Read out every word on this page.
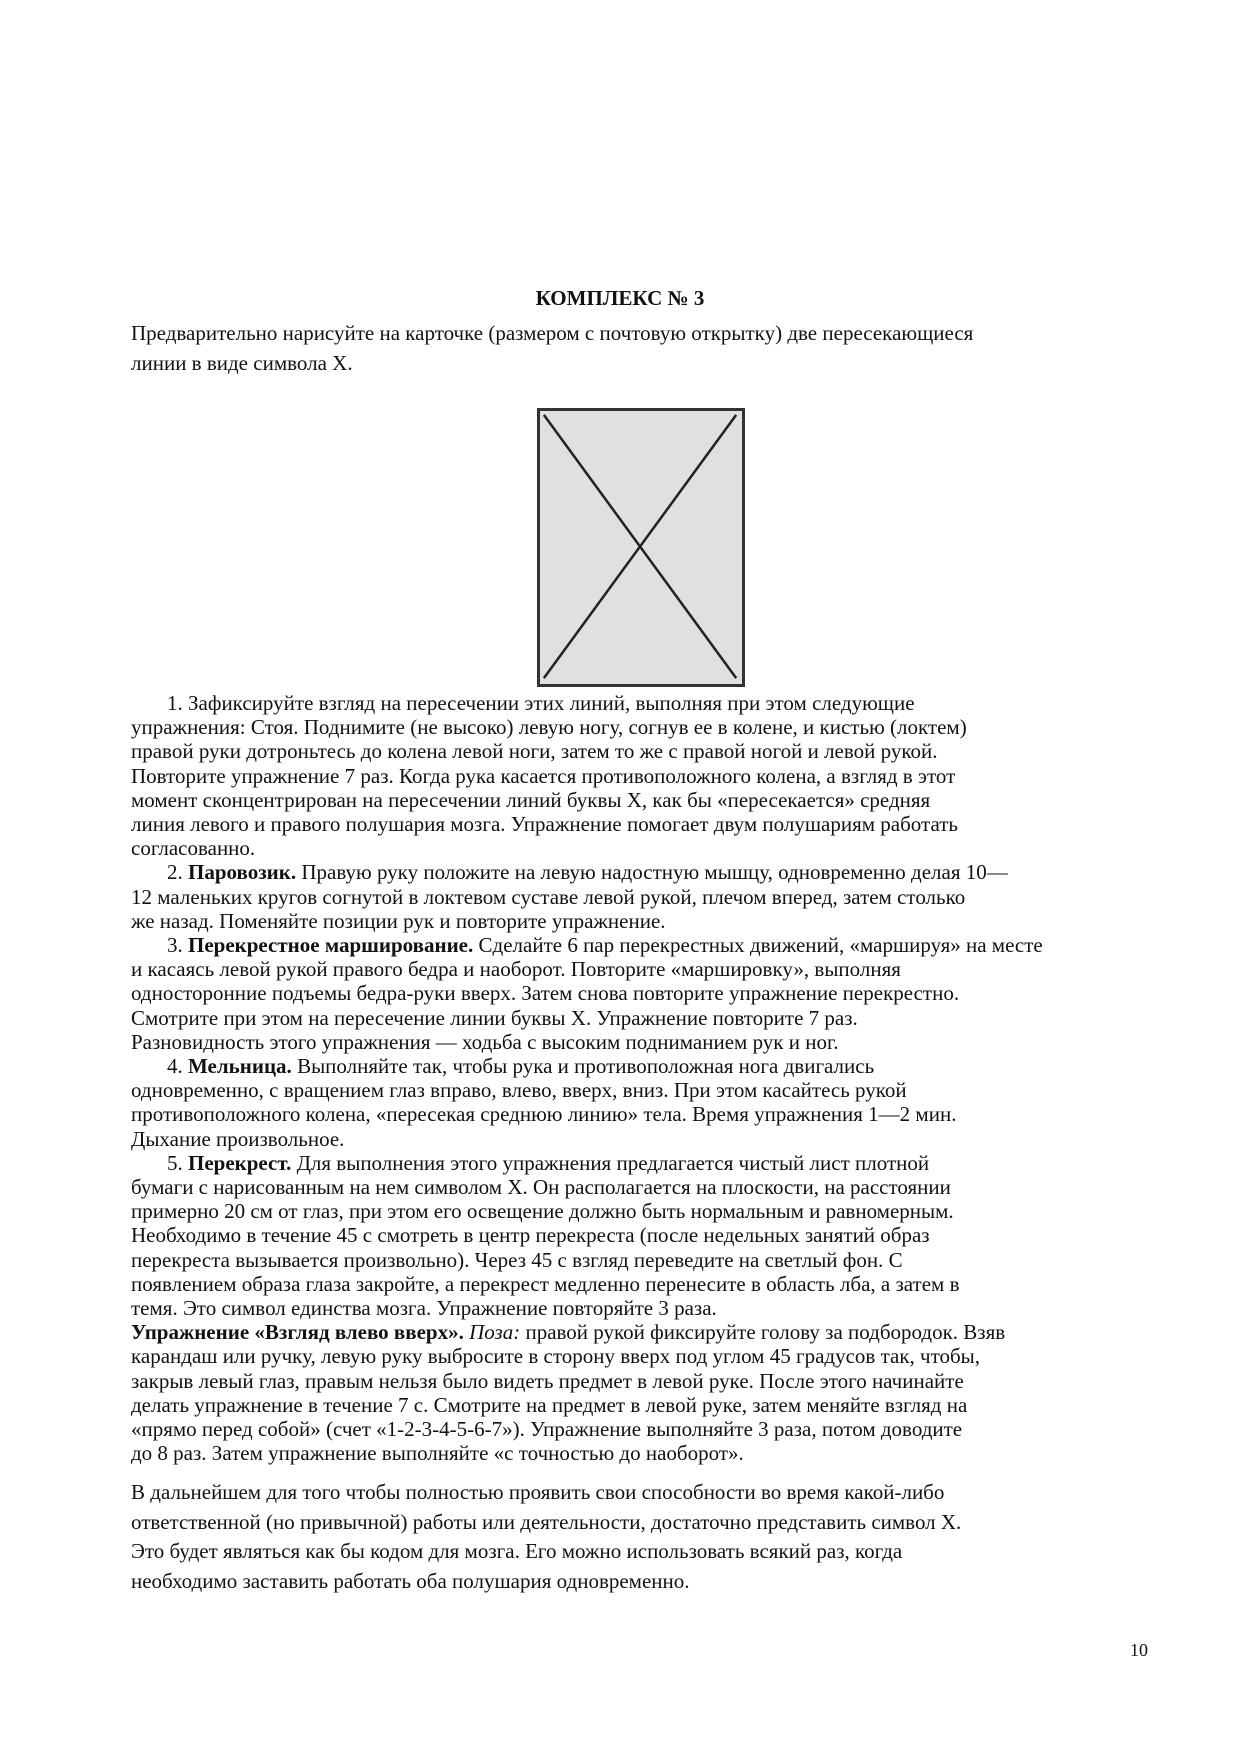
КОМПЛЕКС № 3
Предварительно нарисуйте на карточке (размером с почтовую открытку) две пересекающиеся
линии в виде символа X.
1. Зафиксируйте взгляд на пересечении этих линий, выполняя при этом следующие
упражнения: Стоя. Поднимите (не высоко) левую ногу, согнув ее в колене, и кистью (локтем)
правой руки дотроньтесь до колена левой ноги, затем то же с правой ногой и левой рукой.
Повторите упражнение 7 раз. Когда рука касается противоположного колена, а взгляд в этот
момент сконцентрирован на пересечении линий буквы X, как бы «пересекается» средняя
линия левого и правого полушария мозга. Упражнение помогает двум полушариям работать
согласованно.
2. Паровозик. Правую руку положите на левую надостную мышцу, одновременно делая 10—
12 маленьких кругов согнутой в локтевом суставе левой рукой, плечом вперед, затем столько
же назад. Поменяйте позиции рук и повторите упражнение.
3. Перекрестное марширование. Сделайте 6 пар перекрестных движений, «маршируя» на месте
и касаясь левой рукой правого бедра и наоборот. Повторите «маршировку», выполняя
односторонние подъемы бедра-руки вверх. Затем снова повторите упражнение перекрестно.
Смотрите при этом на пересечение линии буквы X. Упражнение повторите 7 раз.
Разновидность этого упражнения — ходьба с высоким подниманием рук и ног.
4. Мельница. Выполняйте так, чтобы рука и противоположная нога двигались
одновременно, с вращением глаз вправо, влево, вверх, вниз. При этом касайтесь рукой
противоположного колена, «пересекая среднюю линию» тела. Время упражнения 1—2 мин.
Дыхание произвольное.
5. Перекрест. Для выполнения этого упражнения предлагается чистый лист плотной
бумаги с нарисованным на нем символом X. Он располагается на плоскости, на расстоянии
примерно 20 см от глаз, при этом его освещение должно быть нормальным и равномерным.
Необходимо в течение 45 с смотреть в центр перекреста (после недельных занятий образ
перекреста вызывается произвольно). Через 45 с взгляд переведите на светлый фон. С
появлением образа глаза закройте, а перекрест медленно перенесите в область лба, а затем в
темя. Это символ единства мозга. Упражнение повторяйте 3 раза.
Упражнение «Взгляд влево вверх». Поза: правой рукой фиксируйте голову за подбородок. Взяв
карандаш или ручку, левую руку выбросите в сторону вверх под углом 45 градусов так, чтобы,
закрыв левый глаз, правым нельзя было видеть предмет в левой руке. После этого начинайте
делать упражнение в течение 7 с. Смотрите на предмет в левой руке, затем меняйте взгляд на
«прямо перед собой» (счет «1-2-3-4-5-6-7»). Упражнение выполняйте 3 раза, потом доводите
до 8 раз. Затем упражнение выполняйте «с точностью до наоборот».
В дальнейшем для того чтобы полностью проявить свои способности во время какой-либо
ответственной (но привычной) работы или деятельности, достаточно представить символ X.
Это будет являться как бы кодом для мозга. Его можно использовать всякий раз, когда
необходимо заставить работать оба полушария одновременно.
10
